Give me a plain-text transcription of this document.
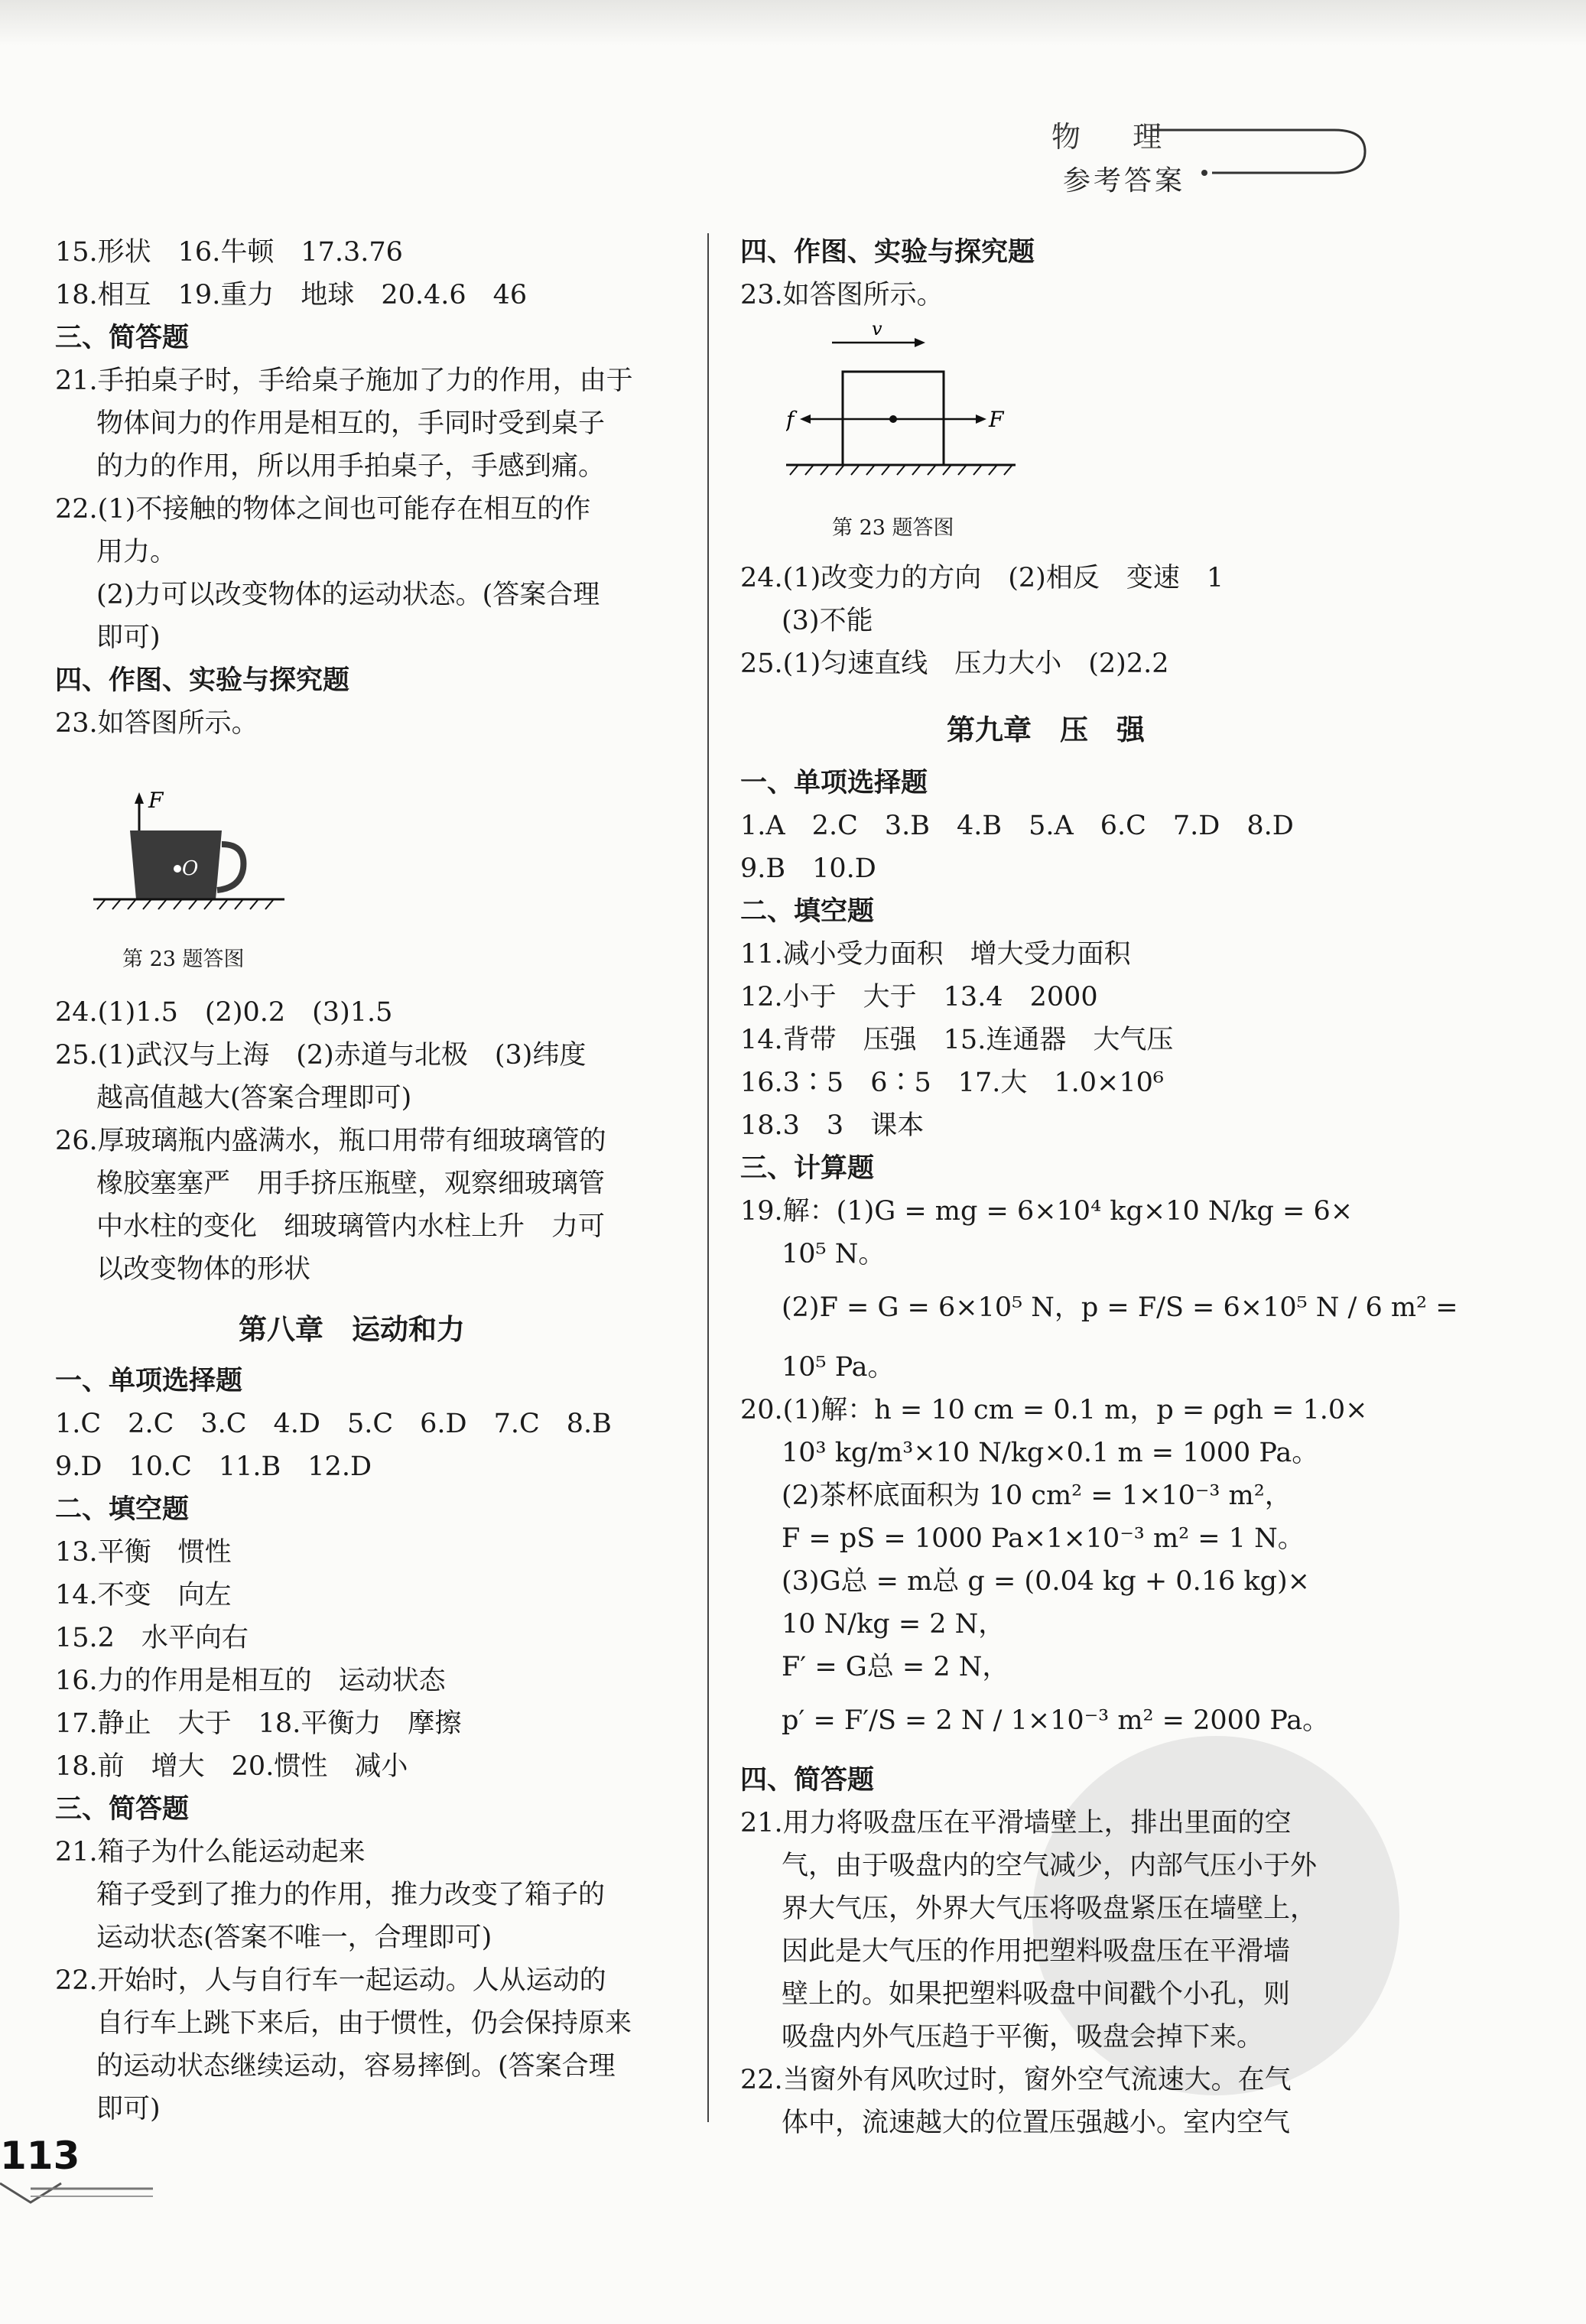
物 理
参考答案
15.形状　16.牛顿　17.3.76
18.相互　19.重力　地球　20.4.6　46
三、简答题
21.手拍桌子时，手给桌子施加了力的作用，由于
物体间力的作用是相互的，手同时受到桌子
的力的作用，所以用手拍桌子，手感到痛。
22.(1)不接触的物体之间也可能存在相互的作
用力。
(2)力可以改变物体的运动状态。(答案合理
即可)
四、作图、实验与探究题
23.如答图所示。
F
O
第 23 题答图
24.(1)1.5　(2)0.2　(3)1.5
25.(1)武汉与上海　(2)赤道与北极　(3)纬度
越高值越大(答案合理即可)
26.厚玻璃瓶内盛满水，瓶口用带有细玻璃管的
橡胶塞塞严　用手挤压瓶壁，观察细玻璃管
中水柱的变化　细玻璃管内水柱上升　力可
以改变物体的形状
第八章　运动和力
一、单项选择题
1.C　2.C　3.C　4.D　5.C　6.D　7.C　8.B
9.D　10.C　11.B　12.D
二、填空题
13.平衡　惯性
14.不变　向左
15.2　水平向右
16.力的作用是相互的　运动状态
17.静止　大于　18.平衡力　摩擦
18.前　增大　20.惯性　减小
三、简答题
21.箱子为什么能运动起来
箱子受到了推力的作用，推力改变了箱子的
运动状态(答案不唯一，合理即可)
22.开始时，人与自行车一起运动。人从运动的
自行车上跳下来后，由于惯性，仍会保持原来
的运动状态继续运动，容易摔倒。(答案合理
即可)
四、作图、实验与探究题
23.如答图所示。
v
f	F
第 23 题答图
24.(1)改变力的方向　(2)相反　变速　1
(3)不能
25.(1)匀速直线　压力大小　(2)2.2
第九章　压　强
一、单项选择题
1.A　2.C　3.B　4.B　5.A　6.C　7.D　8.D
9.B　10.D
二、填空题
11.减小受力面积　增大受力面积
12.小于　大于　13.4　2000
14.背带　压强　15.连通器　大气压
16.3∶5　6∶5　17.大　1.0×10⁶
18.3　3　课本
三、计算题
19.解：(1)G = mg = 6×10⁴ kg×10 N/kg = 6×
10⁵ N。
(2)F = G = 6×10⁵ N，p = F/S = 6×10⁵ N / 6 m² =
10⁵ Pa。
20.(1)解：h = 10 cm = 0.1 m，p = ρgh = 1.0×
10³ kg/m³×10 N/kg×0.1 m = 1000 Pa。
(2)茶杯底面积为 10 cm² = 1×10⁻³ m²，
F = pS = 1000 Pa×1×10⁻³ m² = 1 N。
(3)G总 = m总 g = (0.04 kg + 0.16 kg)×
10 N/kg = 2 N，
F′ = G总 = 2 N，
p′ = F′/S = 2 N / 1×10⁻³ m² = 2000 Pa。
四、简答题
21.用力将吸盘压在平滑墙壁上，排出里面的空
气，由于吸盘内的空气减少，内部气压小于外
界大气压，外界大气压将吸盘紧压在墙壁上，
因此是大气压的作用把塑料吸盘压在平滑墙
壁上的。如果把塑料吸盘中间戳个小孔，则
吸盘内外气压趋于平衡，吸盘会掉下来。
22.当窗外有风吹过时，窗外空气流速大。在气
体中，流速越大的位置压强越小。室内空气
113
